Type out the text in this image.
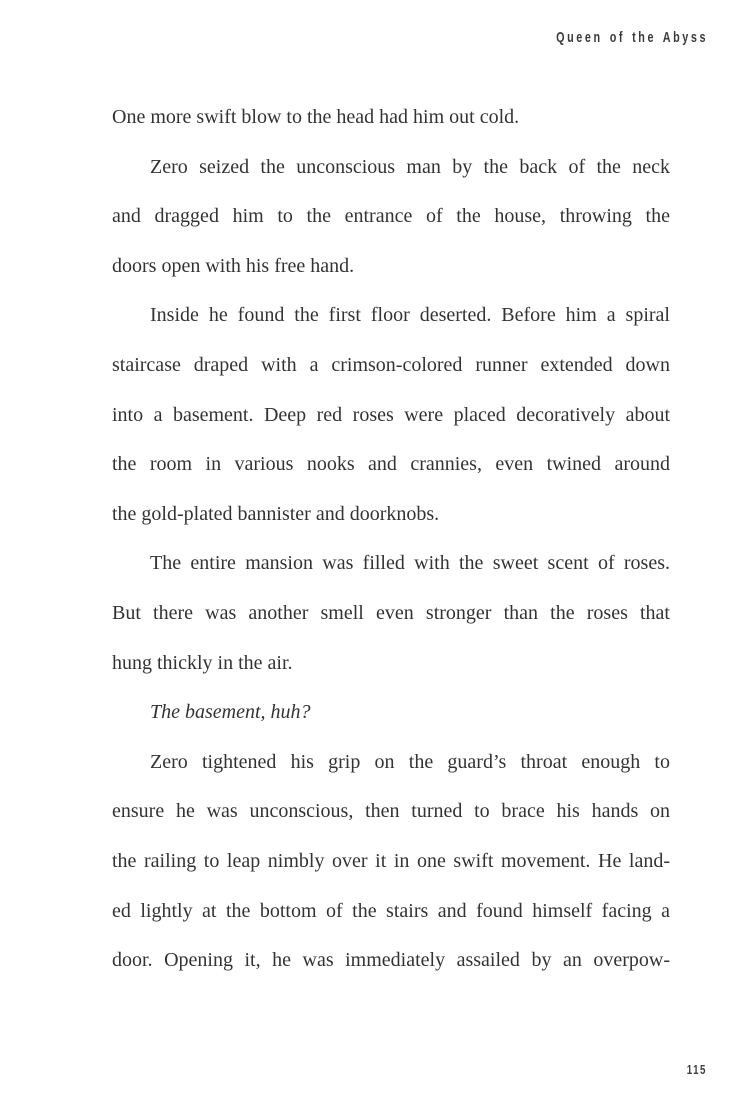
Queen of the Abyss
One more swift blow to the head had him out cold.
Zero seized the unconscious man by the back of the neck
and dragged him to the entrance of the house, throwing the
doors open with his free hand.
Inside he found the first floor deserted. Before him a spiral
staircase draped with a crimson-colored runner extended down
into a basement. Deep red roses were placed decoratively about
the room in various nooks and crannies, even twined around
the gold-plated bannister and doorknobs.
The entire mansion was filled with the sweet scent of roses.
But there was another smell even stronger than the roses that
hung thickly in the air.
The basement, huh?
Zero tightened his grip on the guard’s throat enough to
ensure he was unconscious, then turned to brace his hands on
the railing to leap nimbly over it in one swift movement. He land-
ed lightly at the bottom of the stairs and found himself facing a
door. Opening it, he was immediately assailed by an overpow-
115
